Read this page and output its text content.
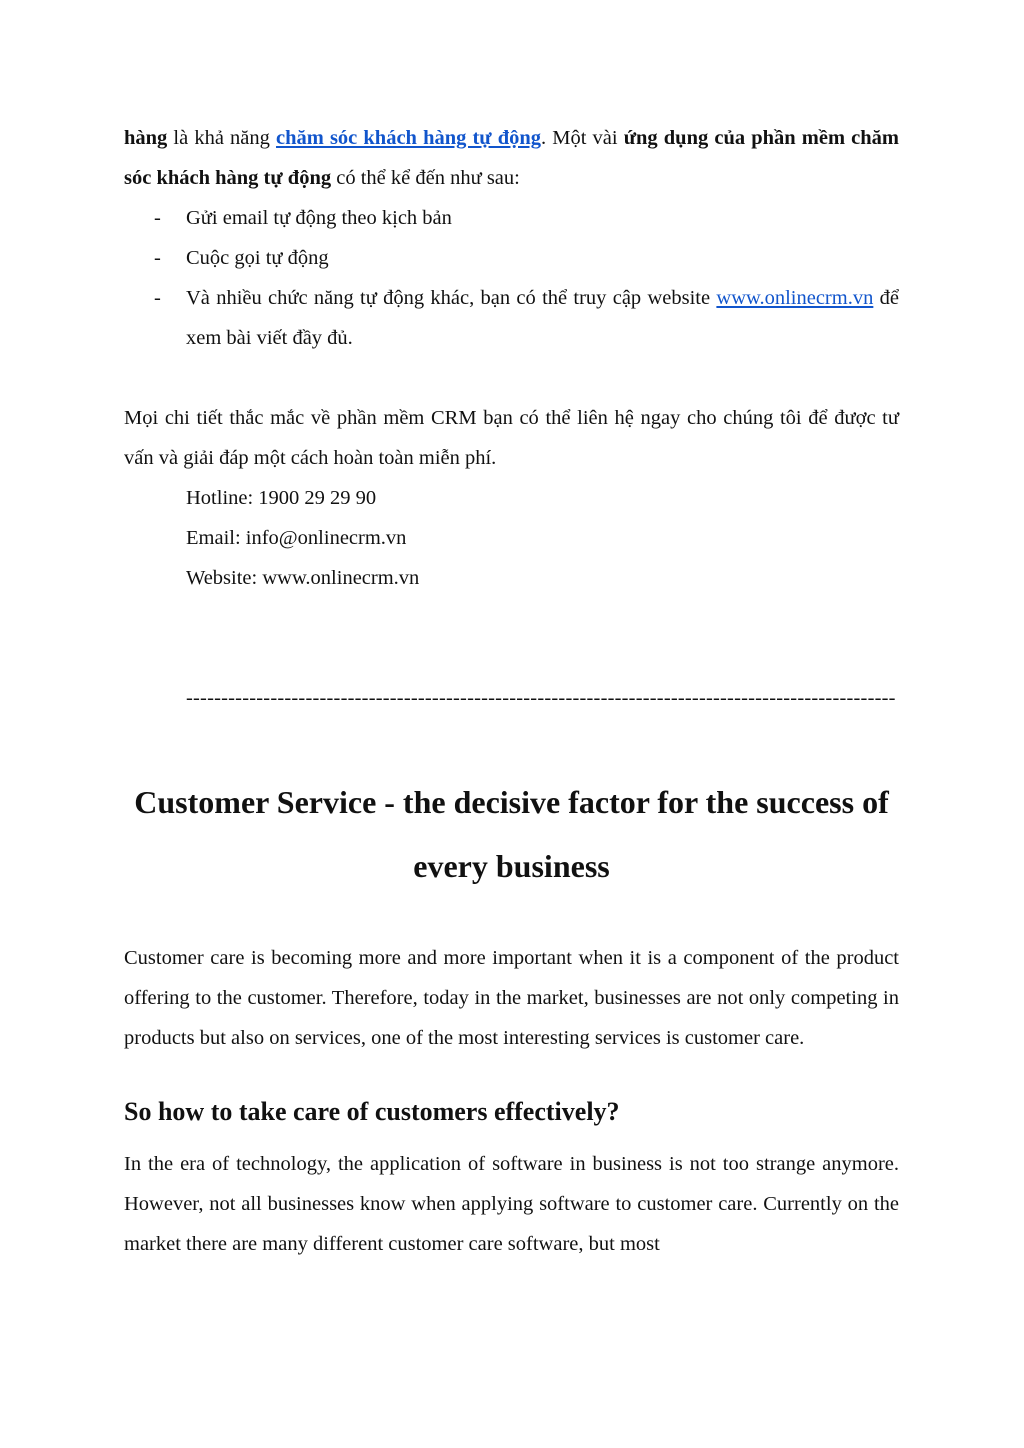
hàng là khả năng chăm sóc khách hàng tự động. Một vài ứng dụng của phần mềm chăm sóc khách hàng tự động có thể kể đến như sau:

- Gửi email tự động theo kịch bản
- Cuộc gọi tự động
- Và nhiều chức năng tự động khác, bạn có thể truy cập website www.onlinecrm.vn để xem bài viết đầy đủ.

Mọi chi tiết thắc mắc về phần mềm CRM bạn có thể liên hệ ngay cho chúng tôi để được tư vấn và giải đáp một cách hoàn toàn miễn phí.

Hotline: 1900 29 29 90
Email: info@onlinecrm.vn
Website: www.onlinecrm.vn
-----------------------------------------------------------------------------------------------------
Customer Service - the decisive factor for the success of every business

Customer care is becoming more and more important when it is a component of the product offering to the customer. Therefore, today in the market, businesses are not only competing in products but also on services, one of the most interesting services is customer care.

So how to take care of customers effectively?

In the era of technology, the application of software in business is not too strange anymore. However, not all businesses know when applying software to customer care. Currently on the market there are many different customer care software, but most
